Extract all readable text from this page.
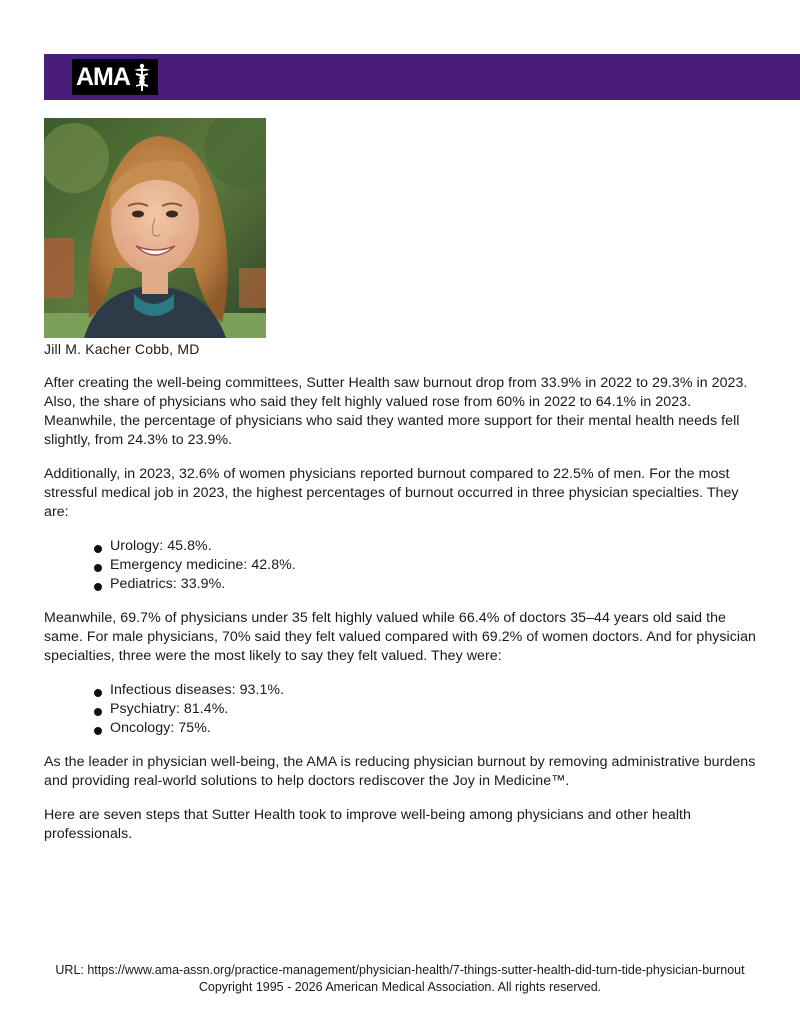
AMA
Jill M. Kacher Cobb, MD

After creating the well-being committees, Sutter Health saw burnout drop from 33.9% in 2022 to 29.3% in 2023. Also, the share of physicians who said they felt highly valued rose from 60% in 2022 to 64.1% in 2023. Meanwhile, the percentage of physicians who said they wanted more support for their mental health needs fell slightly, from 24.3% to 23.9%.

Additionally, in 2023, 32.6% of women physicians reported burnout compared to 22.5% of men. For the most stressful medical job in 2023, the highest percentages of burnout occurred in three physician specialties. They are:

Urology: 45.8%.
Emergency medicine: 42.8%.
Pediatrics: 33.9%.

Meanwhile, 69.7% of physicians under 35 felt highly valued while 66.4% of doctors 35–44 years old said the same. For male physicians, 70% said they felt valued compared with 69.2% of women doctors. And for physician specialties, three were the most likely to say they felt valued. They were:

Infectious diseases: 93.1%.
Psychiatry: 81.4%.
Oncology: 75%.

As the leader in physician well-being, the AMA is reducing physician burnout by removing administrative burdens and providing real-world solutions to help doctors rediscover the Joy in Medicine™.

Here are seven steps that Sutter Health took to improve well-being among physicians and other health professionals.

URL: https://www.ama-assn.org/practice-management/physician-health/7-things-sutter-health-did-turn-tide-physician-burnout
Copyright 1995 - 2026 American Medical Association. All rights reserved.
